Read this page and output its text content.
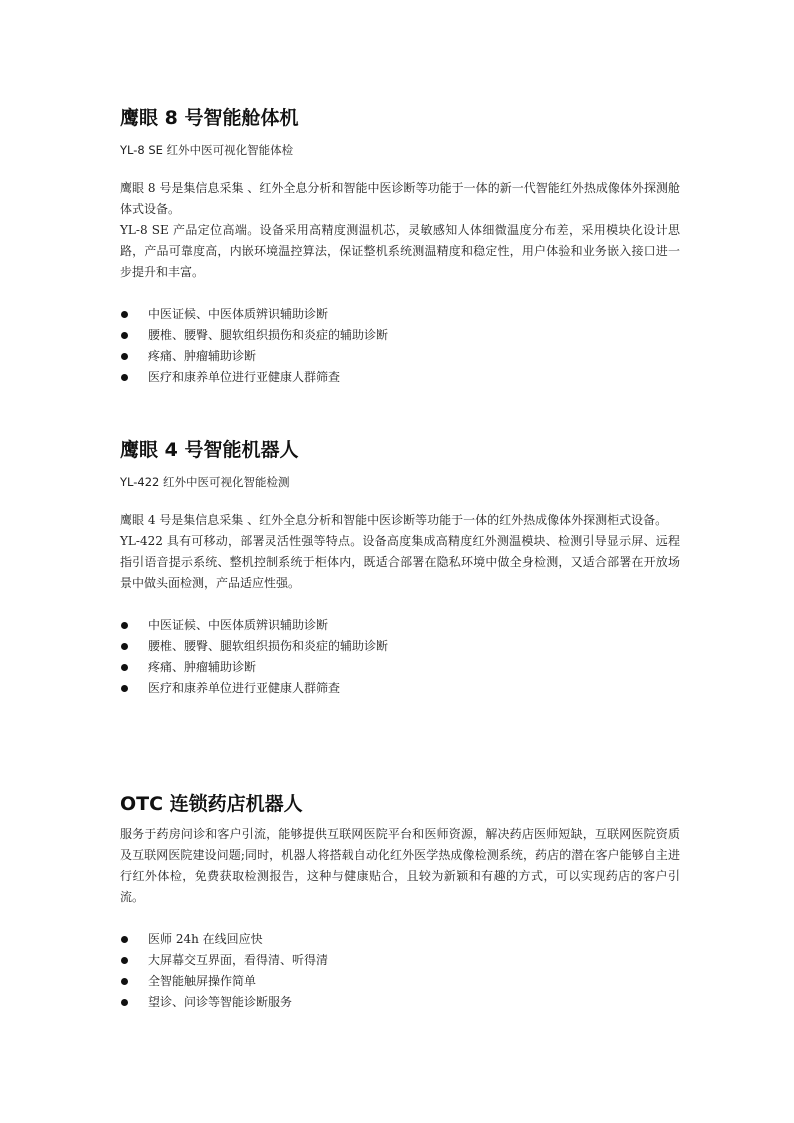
鹰眼 8 号智能舱体机

YL-8 SE 红外中医可视化智能体检

鹰眼 8 号是集信息采集 、红外全息分析和智能中医诊断等功能于一体的新一代智能红外热成像体外探测舱体式设备。

YL-8 SE 产品定位高端。设备采用高精度测温机芯，灵敏感知人体细微温度分布差，采用模块化设计思路，产品可靠度高，内嵌环境温控算法，保证整机系统测温精度和稳定性，用户体验和业务嵌入接口进一步提升和丰富。

中医证候、中医体质辨识辅助诊断
腰椎、腰臀、腿软组织损伤和炎症的辅助诊断
疼痛、肿瘤辅助诊断
医疗和康养单位进行亚健康人群筛查
鹰眼 4 号智能机器人

YL-422 红外中医可视化智能检测

鹰眼 4 号是集信息采集 、红外全息分析和智能中医诊断等功能于一体的红外热成像体外探测柜式设备。

YL-422 具有可移动，部署灵活性强等特点。设备高度集成高精度红外测温模块、检测引导显示屏、远程指引语音提示系统、整机控制系统于柜体内，既适合部署在隐私环境中做全身检测，又适合部署在开放场景中做头面检测，产品适应性强。

中医证候、中医体质辨识辅助诊断
腰椎、腰臀、腿软组织损伤和炎症的辅助诊断
疼痛、肿瘤辅助诊断
医疗和康养单位进行亚健康人群筛查
OTC 连锁药店机器人

服务于药房问诊和客户引流，能够提供互联网医院平台和医师资源，解决药店医师短缺，互联网医院资质及互联网医院建设问题;同时，机器人将搭载自动化红外医学热成像检测系统，药店的潜在客户能够自主进行红外体检，免费获取检测报告，这种与健康贴合，且较为新颖和有趣的方式，可以实现药店的客户引流。

医师 24h 在线回应快
大屏幕交互界面，看得清、听得清
全智能触屏操作简单
望诊、问诊等智能诊断服务
